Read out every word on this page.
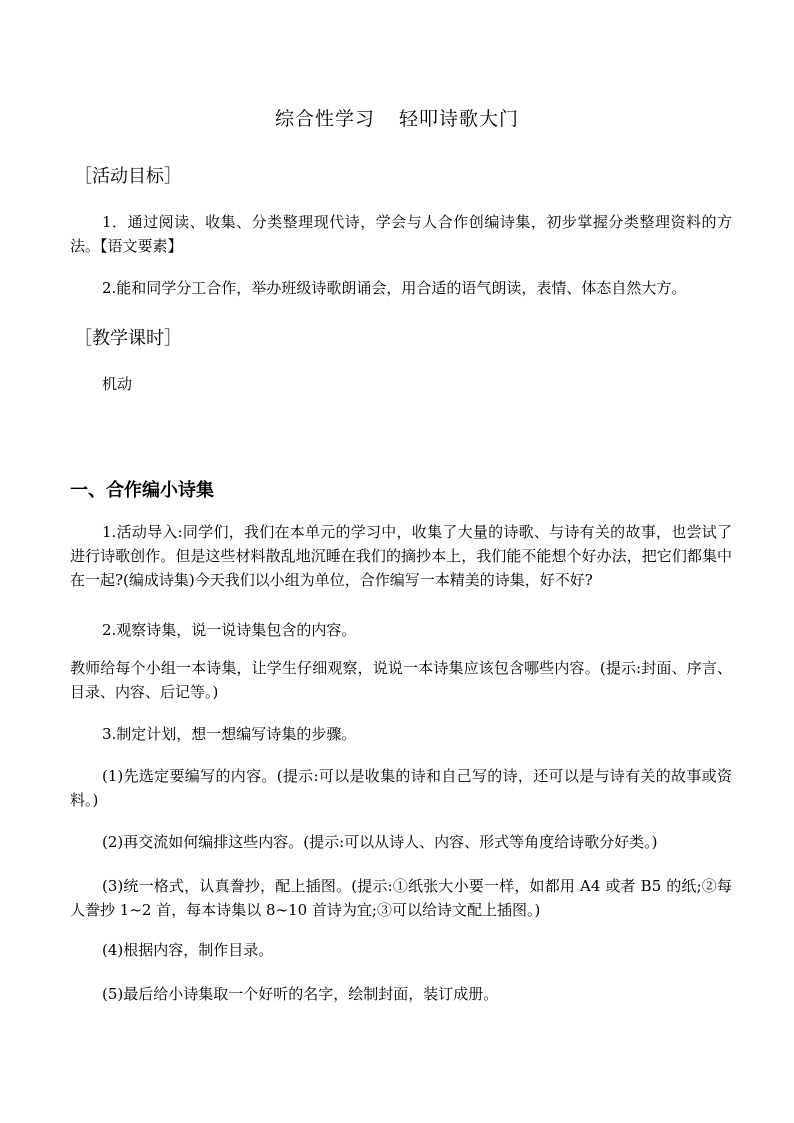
综合性学习 轻叩诗歌大门
［活动目标］
1．通过阅读、收集、分类整理现代诗，学会与人合作创编诗集，初步掌握分类整理资料的方法。【语文要素】
2.能和同学分工合作，举办班级诗歌朗诵会，用合适的语气朗读，表情、体态自然大方。
［教学课时］
机动
一、合作编小诗集
1.活动导入:同学们，我们在本单元的学习中，收集了大量的诗歌、与诗有关的故事，也尝试了进行诗歌创作。但是这些材料散乱地沉睡在我们的摘抄本上，我们能不能想个好办法，把它们都集中在一起?(编成诗集)今天我们以小组为单位，合作编写一本精美的诗集，好不好?
2.观察诗集，说一说诗集包含的内容。
教师给每个小组一本诗集，让学生仔细观察，说说一本诗集应该包含哪些内容。(提示:封面、序言、目录、内容、后记等。)
3.制定计划，想一想编写诗集的步骤。
(1)先选定要编写的内容。(提示:可以是收集的诗和自己写的诗，还可以是与诗有关的故事或资料。)
(2)再交流如何编排这些内容。(提示:可以从诗人、内容、形式等角度给诗歌分好类。)
(3)统一格式，认真誊抄，配上插图。(提示:①纸张大小要一样，如都用 A4 或者 B5 的纸;②每人誊抄 1~2 首，每本诗集以 8~10 首诗为宜;③可以给诗文配上插图。)
(4)根据内容，制作目录。
(5)最后给小诗集取一个好听的名字，绘制封面，装订成册。
